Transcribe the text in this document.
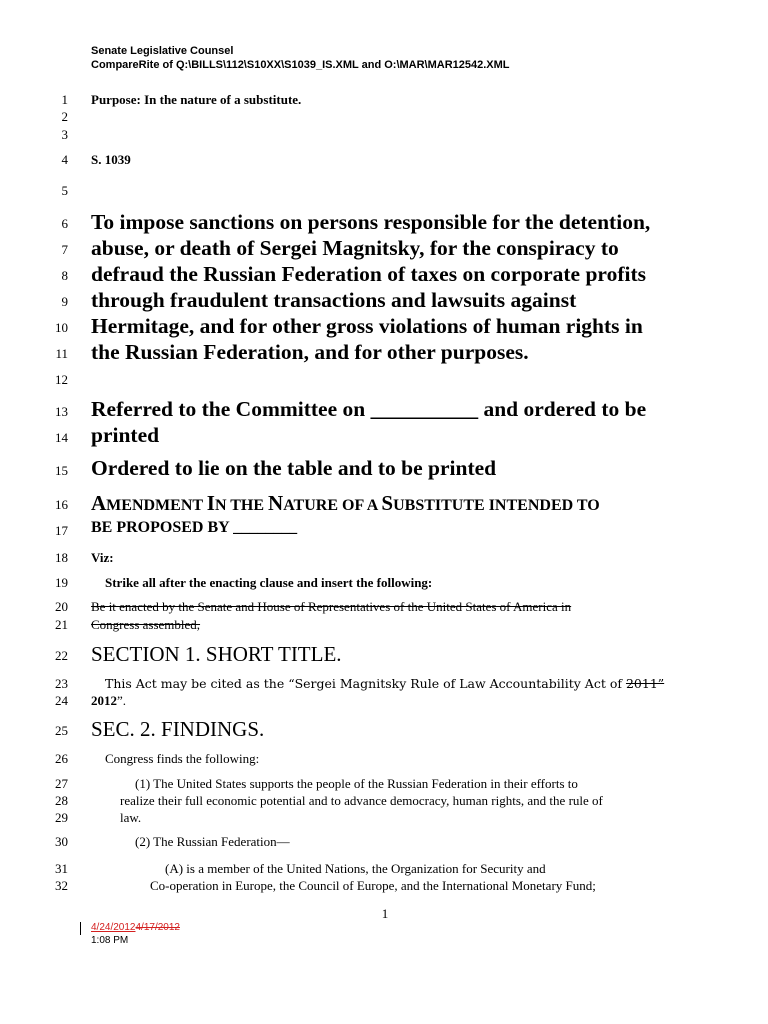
Senate Legislative Counsel
CompareRite of Q:\BILLS\112\S10XX\S1039_IS.XML and O:\MAR\MAR12542.XML
1
2
3
4
5
6
7
8
9
10
11
12
13
14
15
16
17
18
19
20
21
22
23
24
25
26
27
28
29
30
31
32
Purpose: In the nature of a substitute.
S. 1039
To impose sanctions on persons responsible for the detention,
abuse, or death of Sergei Magnitsky, for the conspiracy to
defraud the Russian Federation of taxes on corporate profits
through fraudulent transactions and lawsuits against
Hermitage, and for other gross violations of human rights in
the Russian Federation, and for other purposes.
Referred to the Committee on __________ and ordered to be
printed
Ordered to lie on the table and to be printed
AMENDMENT IN THE NATURE OF A SUBSTITUTE INTENDED TO
BE PROPOSED BY ________
Viz:
Strike all after the enacting clause and insert the following:
Be it enacted by the Senate and House of Representatives of the United States of America in
Congress assembled,
SECTION 1. SHORT TITLE.
This Act may be cited as the “Sergei Magnitsky Rule of Law Accountability Act of 2011”
2012”.
SEC. 2. FINDINGS.
Congress finds the following:
(1) The United States supports the people of the Russian Federation in their efforts to
realize their full economic potential and to advance democracy, human rights, and the rule of
law.
(2) The Russian Federation—
(A) is a member of the United Nations, the Organization for Security and
Co-operation in Europe, the Council of Europe, and the International Monetary Fund;
1
4/24/20124/17/2012
1:08 PM
